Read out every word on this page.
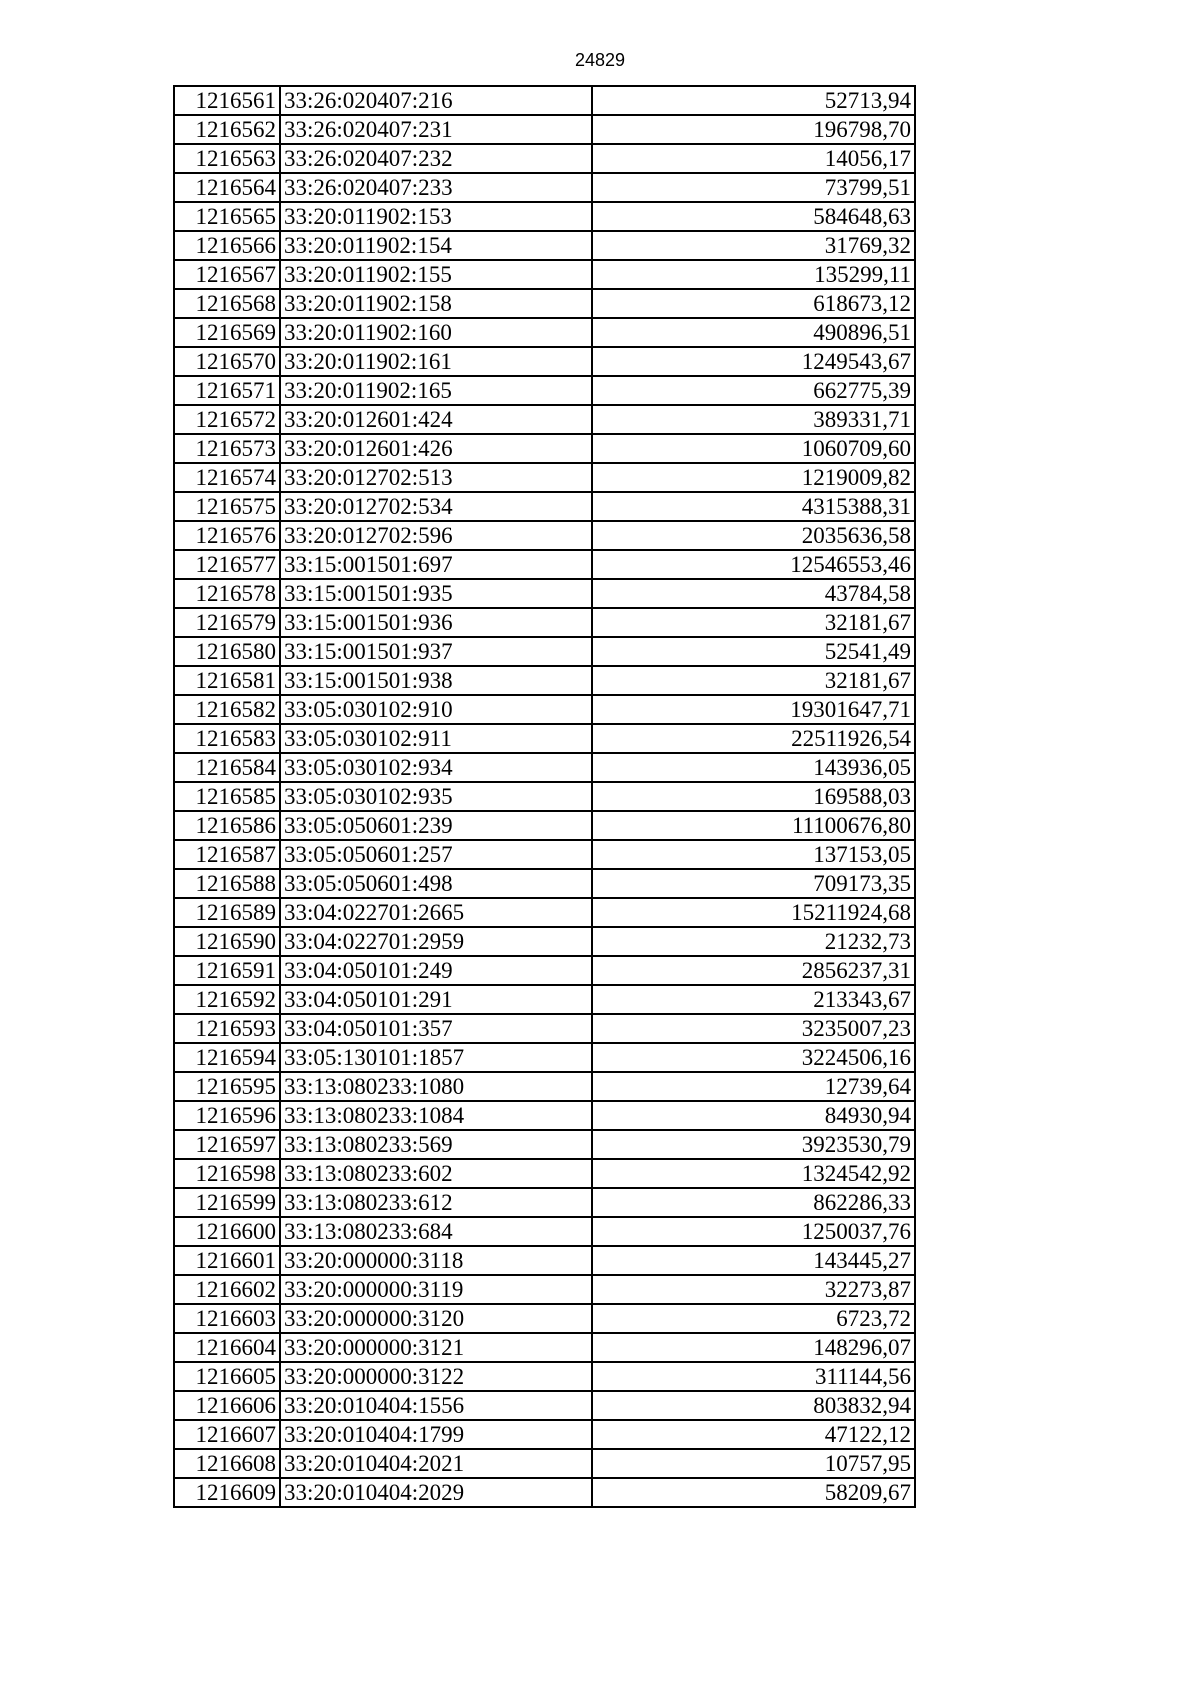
24829
1216561	33:26:020407:216	52713,94
1216562	33:26:020407:231	196798,70
1216563	33:26:020407:232	14056,17
1216564	33:26:020407:233	73799,51
1216565	33:20:011902:153	584648,63
1216566	33:20:011902:154	31769,32
1216567	33:20:011902:155	135299,11
1216568	33:20:011902:158	618673,12
1216569	33:20:011902:160	490896,51
1216570	33:20:011902:161	1249543,67
1216571	33:20:011902:165	662775,39
1216572	33:20:012601:424	389331,71
1216573	33:20:012601:426	1060709,60
1216574	33:20:012702:513	1219009,82
1216575	33:20:012702:534	4315388,31
1216576	33:20:012702:596	2035636,58
1216577	33:15:001501:697	12546553,46
1216578	33:15:001501:935	43784,58
1216579	33:15:001501:936	32181,67
1216580	33:15:001501:937	52541,49
1216581	33:15:001501:938	32181,67
1216582	33:05:030102:910	19301647,71
1216583	33:05:030102:911	22511926,54
1216584	33:05:030102:934	143936,05
1216585	33:05:030102:935	169588,03
1216586	33:05:050601:239	11100676,80
1216587	33:05:050601:257	137153,05
1216588	33:05:050601:498	709173,35
1216589	33:04:022701:2665	15211924,68
1216590	33:04:022701:2959	21232,73
1216591	33:04:050101:249	2856237,31
1216592	33:04:050101:291	213343,67
1216593	33:04:050101:357	3235007,23
1216594	33:05:130101:1857	3224506,16
1216595	33:13:080233:1080	12739,64
1216596	33:13:080233:1084	84930,94
1216597	33:13:080233:569	3923530,79
1216598	33:13:080233:602	1324542,92
1216599	33:13:080233:612	862286,33
1216600	33:13:080233:684	1250037,76
1216601	33:20:000000:3118	143445,27
1216602	33:20:000000:3119	32273,87
1216603	33:20:000000:3120	6723,72
1216604	33:20:000000:3121	148296,07
1216605	33:20:000000:3122	311144,56
1216606	33:20:010404:1556	803832,94
1216607	33:20:010404:1799	47122,12
1216608	33:20:010404:2021	10757,95
1216609	33:20:010404:2029	58209,67
